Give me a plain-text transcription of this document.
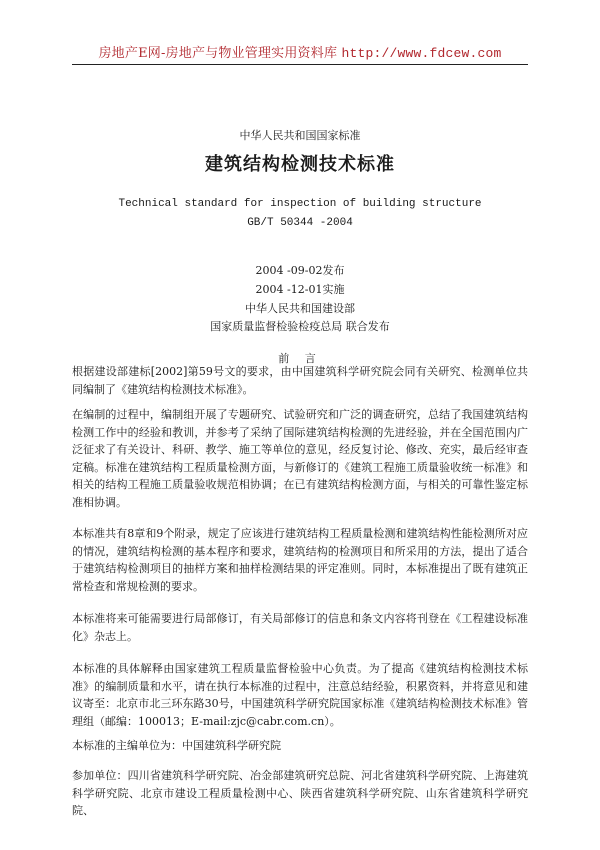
房地产E网-房地产与物业管理实用资料库 http://www.fdcew.com
中华人民共和国国家标准
建筑结构检测技术标准
Technical standard for inspection of building structure
GB/T 50344 -2004
2004 -09-02发布
2004 -12-01实施
中华人民共和国建设部
国家质量监督检验检疫总局 联合发布
前 言

根据建设部建标[2002]第59号文的要求，由中国建筑科学研究院会同有关研究、检测单位共同编制了《建筑结构检测技术标准》。

在编制的过程中，编制组开展了专题研究、试验研究和广泛的调查研究，总结了我国建筑结构检测工作中的经验和教训，并参考了采纳了国际建筑结构检测的先进经验，并在全国范围内广泛征求了有关设计、科研、教学、施工等单位的意见，经反复讨论、修改、充实，最后经审查定稿。标准在建筑结构工程质量检测方面，与新修订的《建筑工程施工质量验收统一标准》和相关的结构工程施工质量验收规范相协调；在已有建筑结构检测方面，与相关的可靠性鉴定标准相协调。

本标准共有8章和9个附录，规定了应该进行建筑结构工程质量检测和建筑结构性能检测所对应的情况，建筑结构检测的基本程序和要求，建筑结构的检测项目和所采用的方法，提出了适合于建筑结构检测项目的抽样方案和抽样检测结果的评定准则。同时，本标准提出了既有建筑正常检查和常规检测的要求。

本标准将来可能需要进行局部修订，有关局部修订的信息和条文内容将刊登在《工程建设标准化》杂志上。

本标准的具体解释由国家建筑工程质量监督检验中心负责。为了提高《建筑结构检测技术标准》的编制质量和水平，请在执行本标准的过程中，注意总结经验，积累资料，并将意见和建议寄至：北京市北三环东路30号，中国建筑科学研究院国家标准《建筑结构检测技术标准》管理组（邮编：100013；E-mail:zjc@cabr.com.cn）。

本标准的主编单位为：中国建筑科学研究院

参加单位：四川省建筑科学研究院、冶金部建筑研究总院、河北省建筑科学研究院、上海建筑科学研究院、北京市建设工程质量检测中心、陕西省建筑科学研究院、山东省建筑科学研究院、
